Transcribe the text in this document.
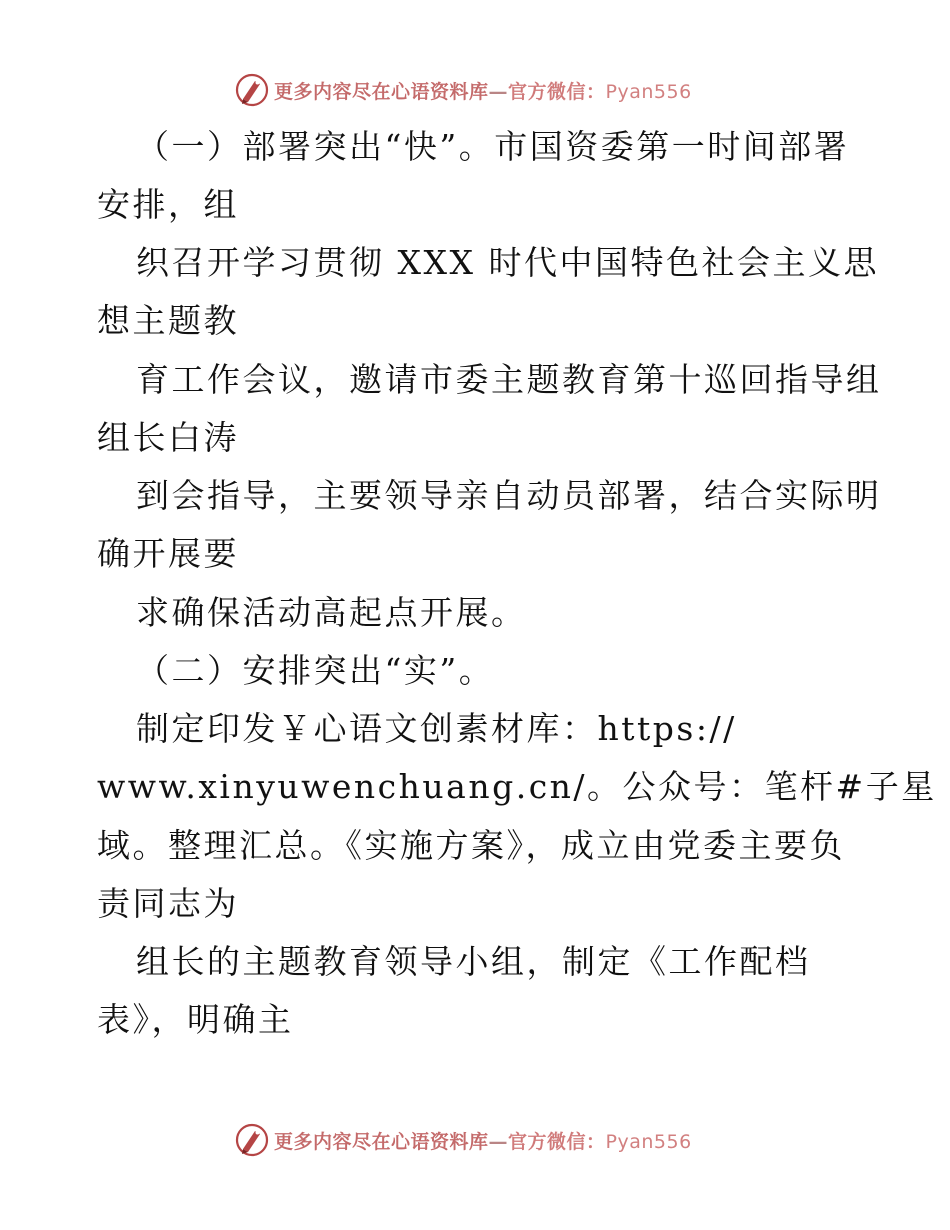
更多内容尽在心语资料库—官方微信：Pyan556
（一）部署突出“快”。市国资委第一时间部署
安排，组
织召开学习贯彻 XXX 时代中国特色社会主义思
想主题教
育工作会议，邀请市委主题教育第十巡回指导组
组长白涛
到会指导，主要领导亲自动员部署，结合实际明
确开展要
求确保活动高起点开展。
（二）安排突出“实”。
制定印发￥心语文创素材库：https://
www.xinyuwenchuang.cn/。公众号：笔杆#子星
域。整理汇总。《实施方案》，成立由党委主要负
责同志为
组长的主题教育领导小组，制定《工作配档
表》，明确主
更多内容尽在心语资料库—官方微信：Pyan556
